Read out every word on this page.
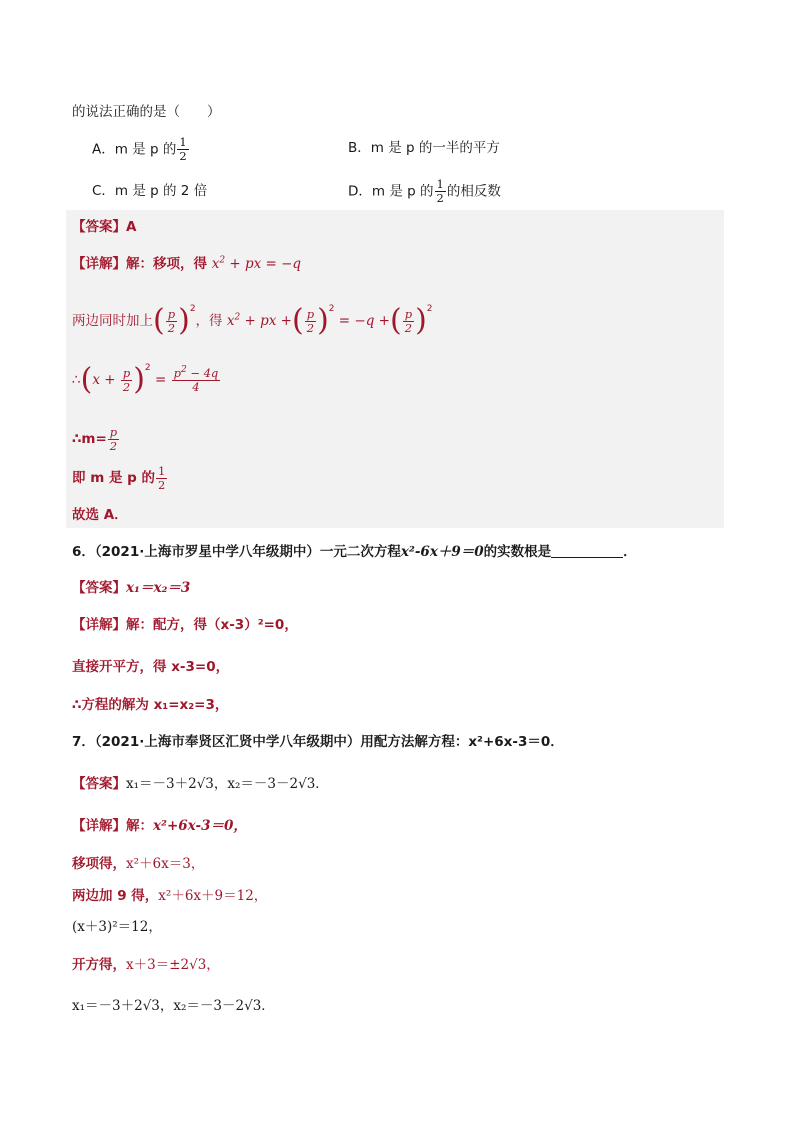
的说法正确的是（　　）
A．m 是 p 的 $\frac{1}{2}$	B．m 是 p 的一半的平方
C．m 是 p 的 2 倍	D．m 是 p 的 $\frac{1}{2}$ 的相反数
【答案】A
【详解】解：移项，得 $x^2$ + px = −q
两边同时加上( $\frac{p}{2} )^2$，得 $x^2$ + px +( $\frac{p}{2} )^2 = -q$ +( $\frac{p}{2} )^2$
∴(x + $\frac{p}{2} )^2 = \frac{p^2 - 4q}{4}$
∴m= $\frac{p}{2}$
即 m 是 p 的 $\frac{1}{2}$
故选 A．
6．（2021·上海市罗星中学八年级期中）一元二次方程x²-6x＋9＝0的实数根是	．
【答案】x₁＝x₂＝3
【详解】解：配方，得（x-3）²=0，
直接开平方，得 x-3=0，
∴方程的解为 x₁=x₂=3，
7．（2021·上海市奉贤区汇贤中学八年级期中）用配方法解方程：x²+6x-3＝0．
【答案】x₁＝－3＋2√3，x₂＝－3－2√3．
【详解】解：x²+6x-3＝0，
移项得，x²＋6x＝3，
两边加 9 得，x²＋6x＋9＝12，
(x＋3)²＝12，
开方得，x＋3＝±2√3，
x₁＝－3＋2√3，x₂＝－3－2√3．
